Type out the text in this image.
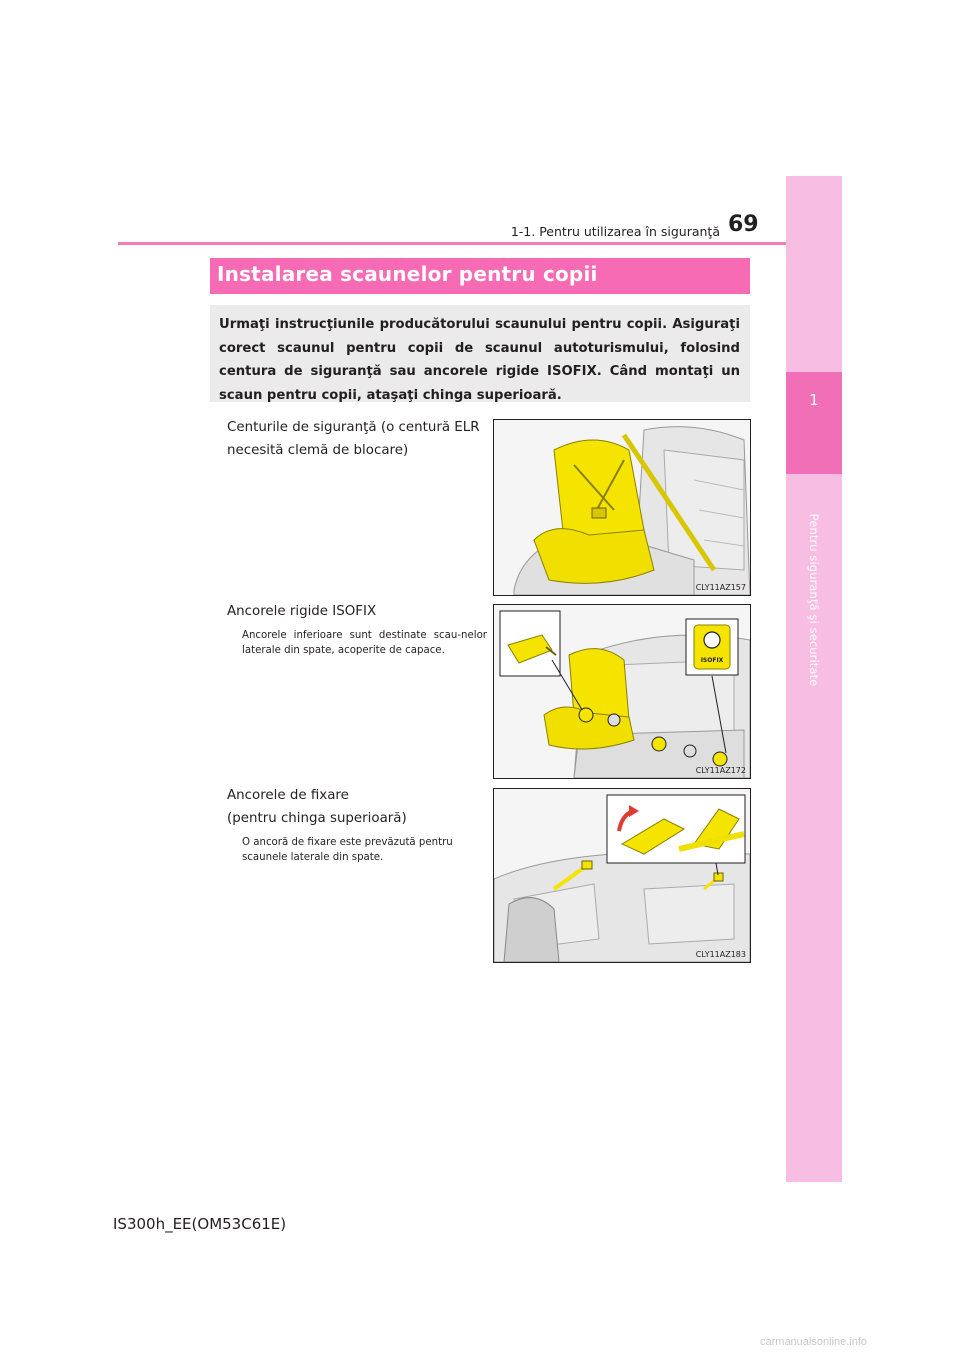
1-1. Pentru utilizarea în siguranţă 69
1
Pentru siguranţă şi securitate
Instalarea scaunelor pentru copii

Urmaţi instrucţiunile producătorului scaunului pentru copii. Asiguraţi corect scaunul pentru copii de scaunul autoturismului, folosind centura de siguranţă sau ancorele rigide ISOFIX. Când montaţi un scaun pentru copii, ataşaţi chinga superioară.

Centurile de siguranţă (o centură ELR
necesită clemă de blocare)
CLY11AZ157
Ancorele rigide ISOFIX
Ancorele inferioare sunt destinate scau-nelor laterale din spate, acoperite de capace.
ISOFIX
CLY11AZ172
Ancorele de fixare
(pentru chinga superioară)
O ancoră de fixare este prevăzută pentru scaunele laterale din spate.
CLY11AZ183
IS300h_EE(OM53C61E)
carmanualsonline.info
